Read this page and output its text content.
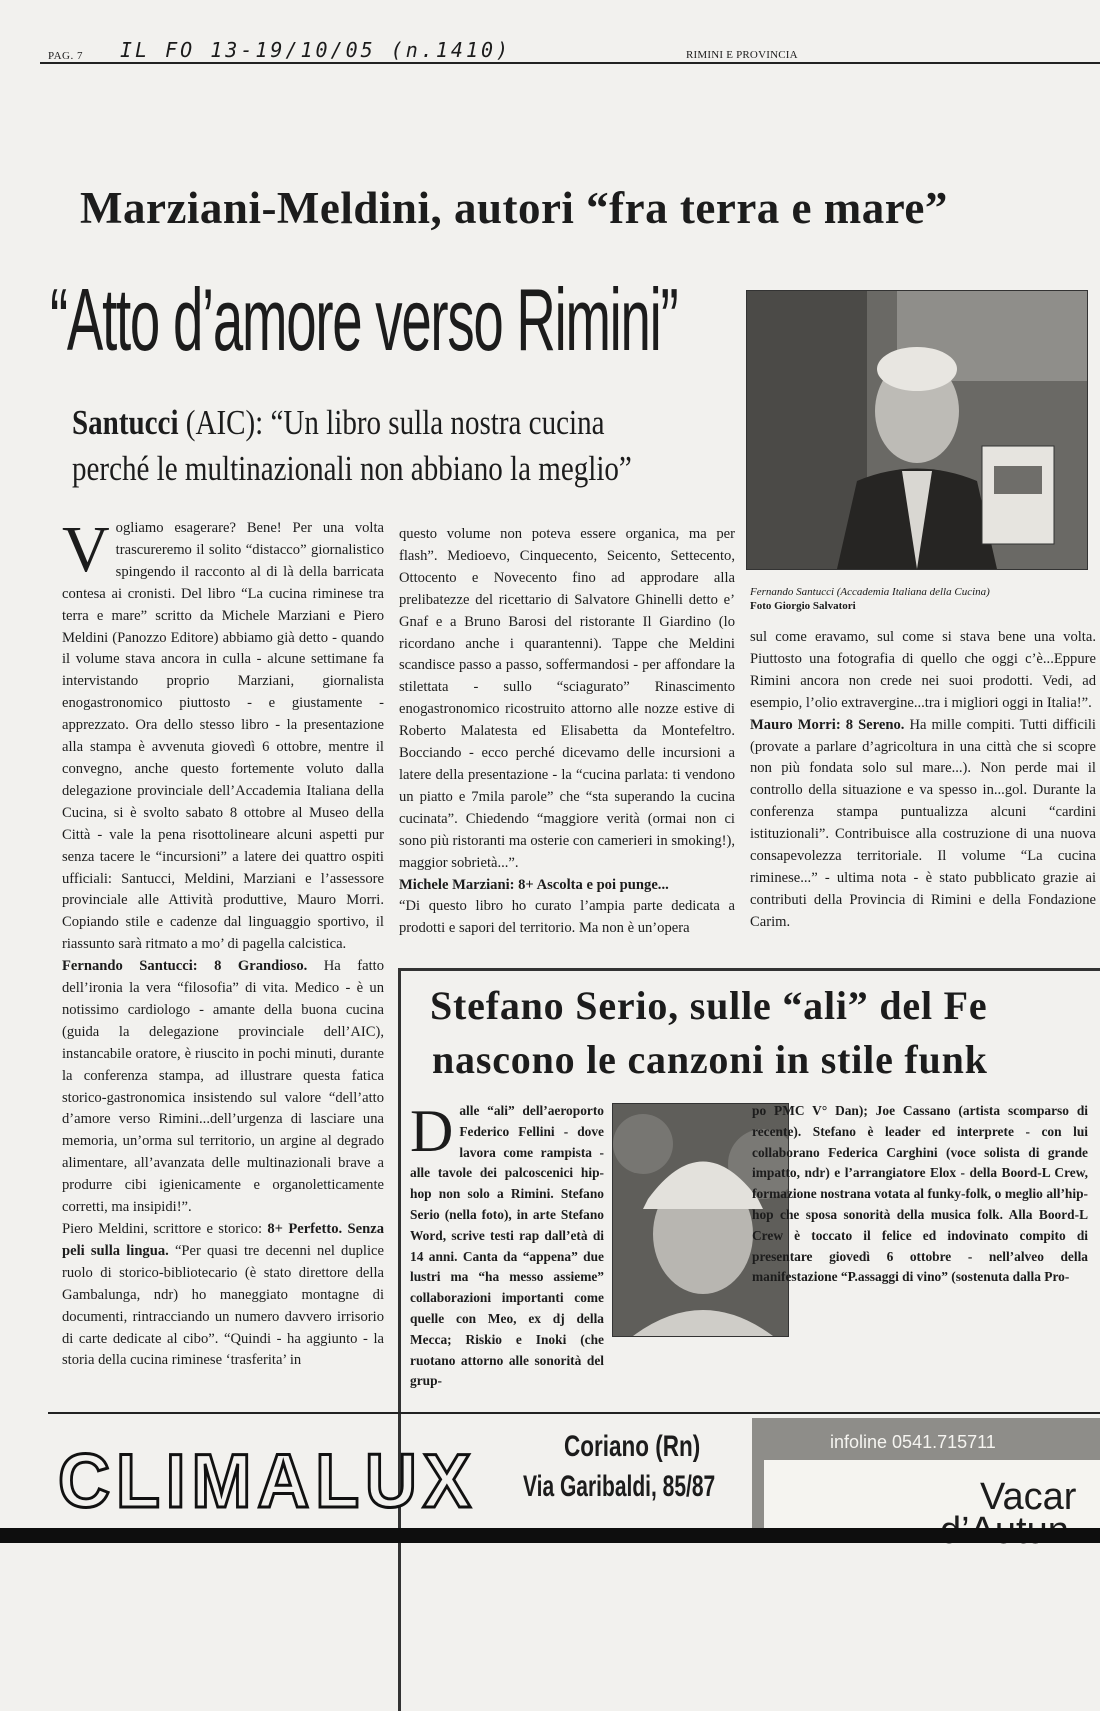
PAG. 7 IL FO 13-19/10/05 (n.1410)	RIMINI E PROVINCIA
Marziani-Meldini, autori “fra terra e mare”
“Atto d’amore verso Rimini”
Santucci (AIC): “Un libro sulla nostra cucina
perché le multinazionali non abbiano la meglio”
Fernando Santucci (Accademia Italiana della Cucina)
Foto Giorgio Salvatori

Vogliamo esagerare? Bene! Per una volta trascureremo il solito “distacco” giornalistico spingendo il racconto al di là della barricata contesa ai cronisti. Del libro “La cucina riminese tra terra e mare” scritto da Michele Marziani e Piero Meldini (Panozzo Editore) abbiamo già detto - quando il volume stava ancora in culla - alcune settimane fa intervistando proprio Marziani, giornalista enogastronomico piuttosto - e giustamente - apprezzato. Ora dello stesso libro - la presentazione alla stampa è avvenuta giovedì 6 ottobre, mentre il convegno, anche questo fortemente voluto dalla delegazione provinciale dell’Accademia Italiana della Cucina, si è svolto sabato 8 ottobre al Museo della Città - vale la pena risottolineare alcuni aspetti pur senza tacere le “incursioni” a latere dei quattro ospiti ufficiali: Santucci, Meldini, Marziani e l’assessore provinciale alle Attività produttive, Mauro Morri. Copiando stile e cadenze dal linguaggio sportivo, il riassunto sarà ritmato a mo’ di pagella calcistica.

Fernando Santucci: 8 Grandioso. Ha fatto dell’ironia la vera “filosofia” di vita. Medico - è un notissimo cardiologo - amante della buona cucina (guida la delegazione provinciale dell’AIC), instancabile oratore, è riuscito in pochi minuti, durante la conferenza stampa, ad illustrare questa fatica storico-gastronomica insistendo sul valore “dell’atto d’amore verso Rimini...dell’urgenza di lasciare una memoria, un’orma sul territorio, un argine al degrado alimentare, all’avanzata delle multinazionali brave a produrre cibi igienicamente e organoletticamente corretti, ma insipidi!”.

Piero Meldini, scrittore e storico: 8+ Perfetto. Senza peli sulla lingua. “Per quasi tre decenni nel duplice ruolo di storico-bibliotecario (è stato direttore della Gambalunga, ndr) ho maneggiato montagne di documenti, rintracciando un numero davvero irrisorio di carte dedicate al cibo”. “Quindi - ha aggiunto - la storia della cucina riminese ‘trasferita’ in

questo volume non poteva essere organica, ma per flash”. Medioevo, Cinquecento, Seicento, Settecento, Ottocento e Novecento fino ad approdare alla prelibatezze del ricettario di Salvatore Ghinelli detto e’ Gnaf e a Bruno Barosi del ristorante Il Giardino (lo ricordano anche i quarantenni). Tappe che Meldini scandisce passo a passo, soffermandosi - per affondare la stilettata - sullo “sciagurato” Rinascimento enogastronomico ricostruito attorno alle nozze estive di Roberto Malatesta ed Elisabetta da Montefeltro. Bocciando - ecco perché dicevamo delle incursioni a latere della presentazione - la “cucina parlata: ti vendono un piatto e 7mila parole” che “sta superando la cucina cucinata”. Chiedendo “maggiore verità (ormai non ci sono più ristoranti ma osterie con camerieri in smoking!), maggior sobrietà...”.

Michele Marziani: 8+ Ascolta e poi punge...

“Di questo libro ho curato l’ampia parte dedicata a prodotti e sapori del territorio. Ma non è un’opera

sul come eravamo, sul come si stava bene una volta. Piuttosto una fotografia di quello che oggi c’è...Eppure Rimini ancora non crede nei suoi prodotti. Vedi, ad esempio, l’olio extravergine...tra i migliori oggi in Italia!”.

Mauro Morri: 8 Sereno. Ha mille compiti. Tutti difficili (provate a parlare d’agricoltura in una città che si scopre non più fondata solo sul mare...). Non perde mai il controllo della situazione e va spesso in...gol. Durante la conferenza stampa puntualizza alcuni “cardini istituzionali”. Contribuisce alla costruzione di una nuova consapevolezza territoriale. Il volume “La cucina riminese...” - ultima nota - è stato pubblicato grazie ai contributi della Provincia di Rimini e della Fondazione Carim.

Stefano Serio, sulle “ali” del Fe
nascono le canzoni in stile funk

Dalle “ali” dell’aeroporto Federico Fellini - dove lavora come rampista - alle tavole dei palcoscenici hip-hop non solo a Rimini. Stefano Serio (nella foto), in arte Stefano Word, scrive testi rap dall’età di 14 anni. Canta da “appena” due lustri ma “ha messo assieme” collaborazioni importanti come quelle con Meo, ex dj della Mecca; Riskio e Inoki (che ruotano attorno alle sonorità del grup-

po PMC V° Dan); Joe Cassano (artista scomparso di recente). Stefano è leader ed interprete - con lui collaborano Federica Carghini (voce solista di grande impatto, ndr) e l’arrangiatore Elox - della Boord-L Crew, formazione nostrana votata al funky-folk, o meglio all’hip-hop che sposa sonorità della musica folk. Alla Boord-L Crew è toccato il felice ed indovinato compito di presentare giovedì 6 ottobre - nell’alveo della manifestazione “P.assaggi di vino” (sostenuta dalla Pro-

CLIMALUX	Coriano (Rn)
Via Garibaldi, 85/87
infoline 0541.715711
Vacar
